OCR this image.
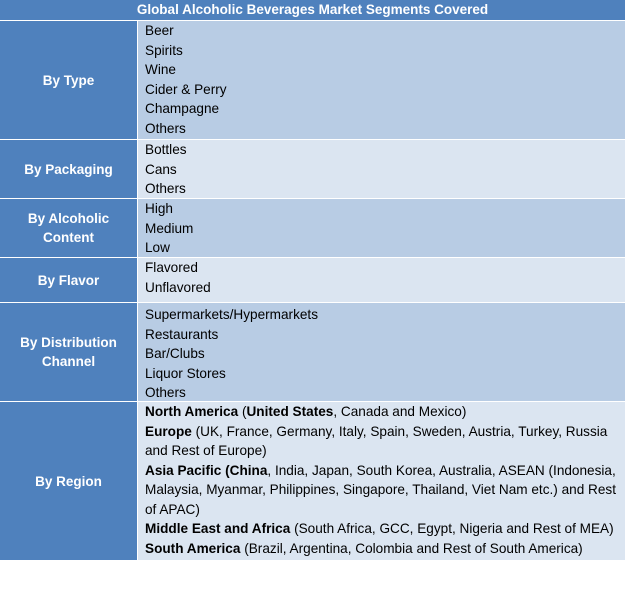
Global Alcoholic Beverages Market Segments Covered
By Type
Beer
Spirits
Wine
Cider & Perry
Champagne
Others
By Packaging
Bottles
Cans
Others
By Alcoholic Content
High
Medium
Low
By Flavor
Flavored
Unflavored
By Distribution Channel
Supermarkets/Hypermarkets
Restaurants
Bar/Clubs
Liquor Stores
Others
By Region
North America (United States, Canada and Mexico)
Europe (UK, France, Germany, Italy, Spain, Sweden, Austria, Turkey, Russia
and Rest of Europe)
Asia Pacific (China, India, Japan, South Korea, Australia, ASEAN (Indonesia,
Malaysia, Myanmar, Philippines, Singapore, Thailand, Viet Nam etc.) and Rest
of APAC)
Middle East and Africa (South Africa, GCC, Egypt, Nigeria and Rest of MEA)
South America (Brazil, Argentina, Colombia and Rest of South America)
